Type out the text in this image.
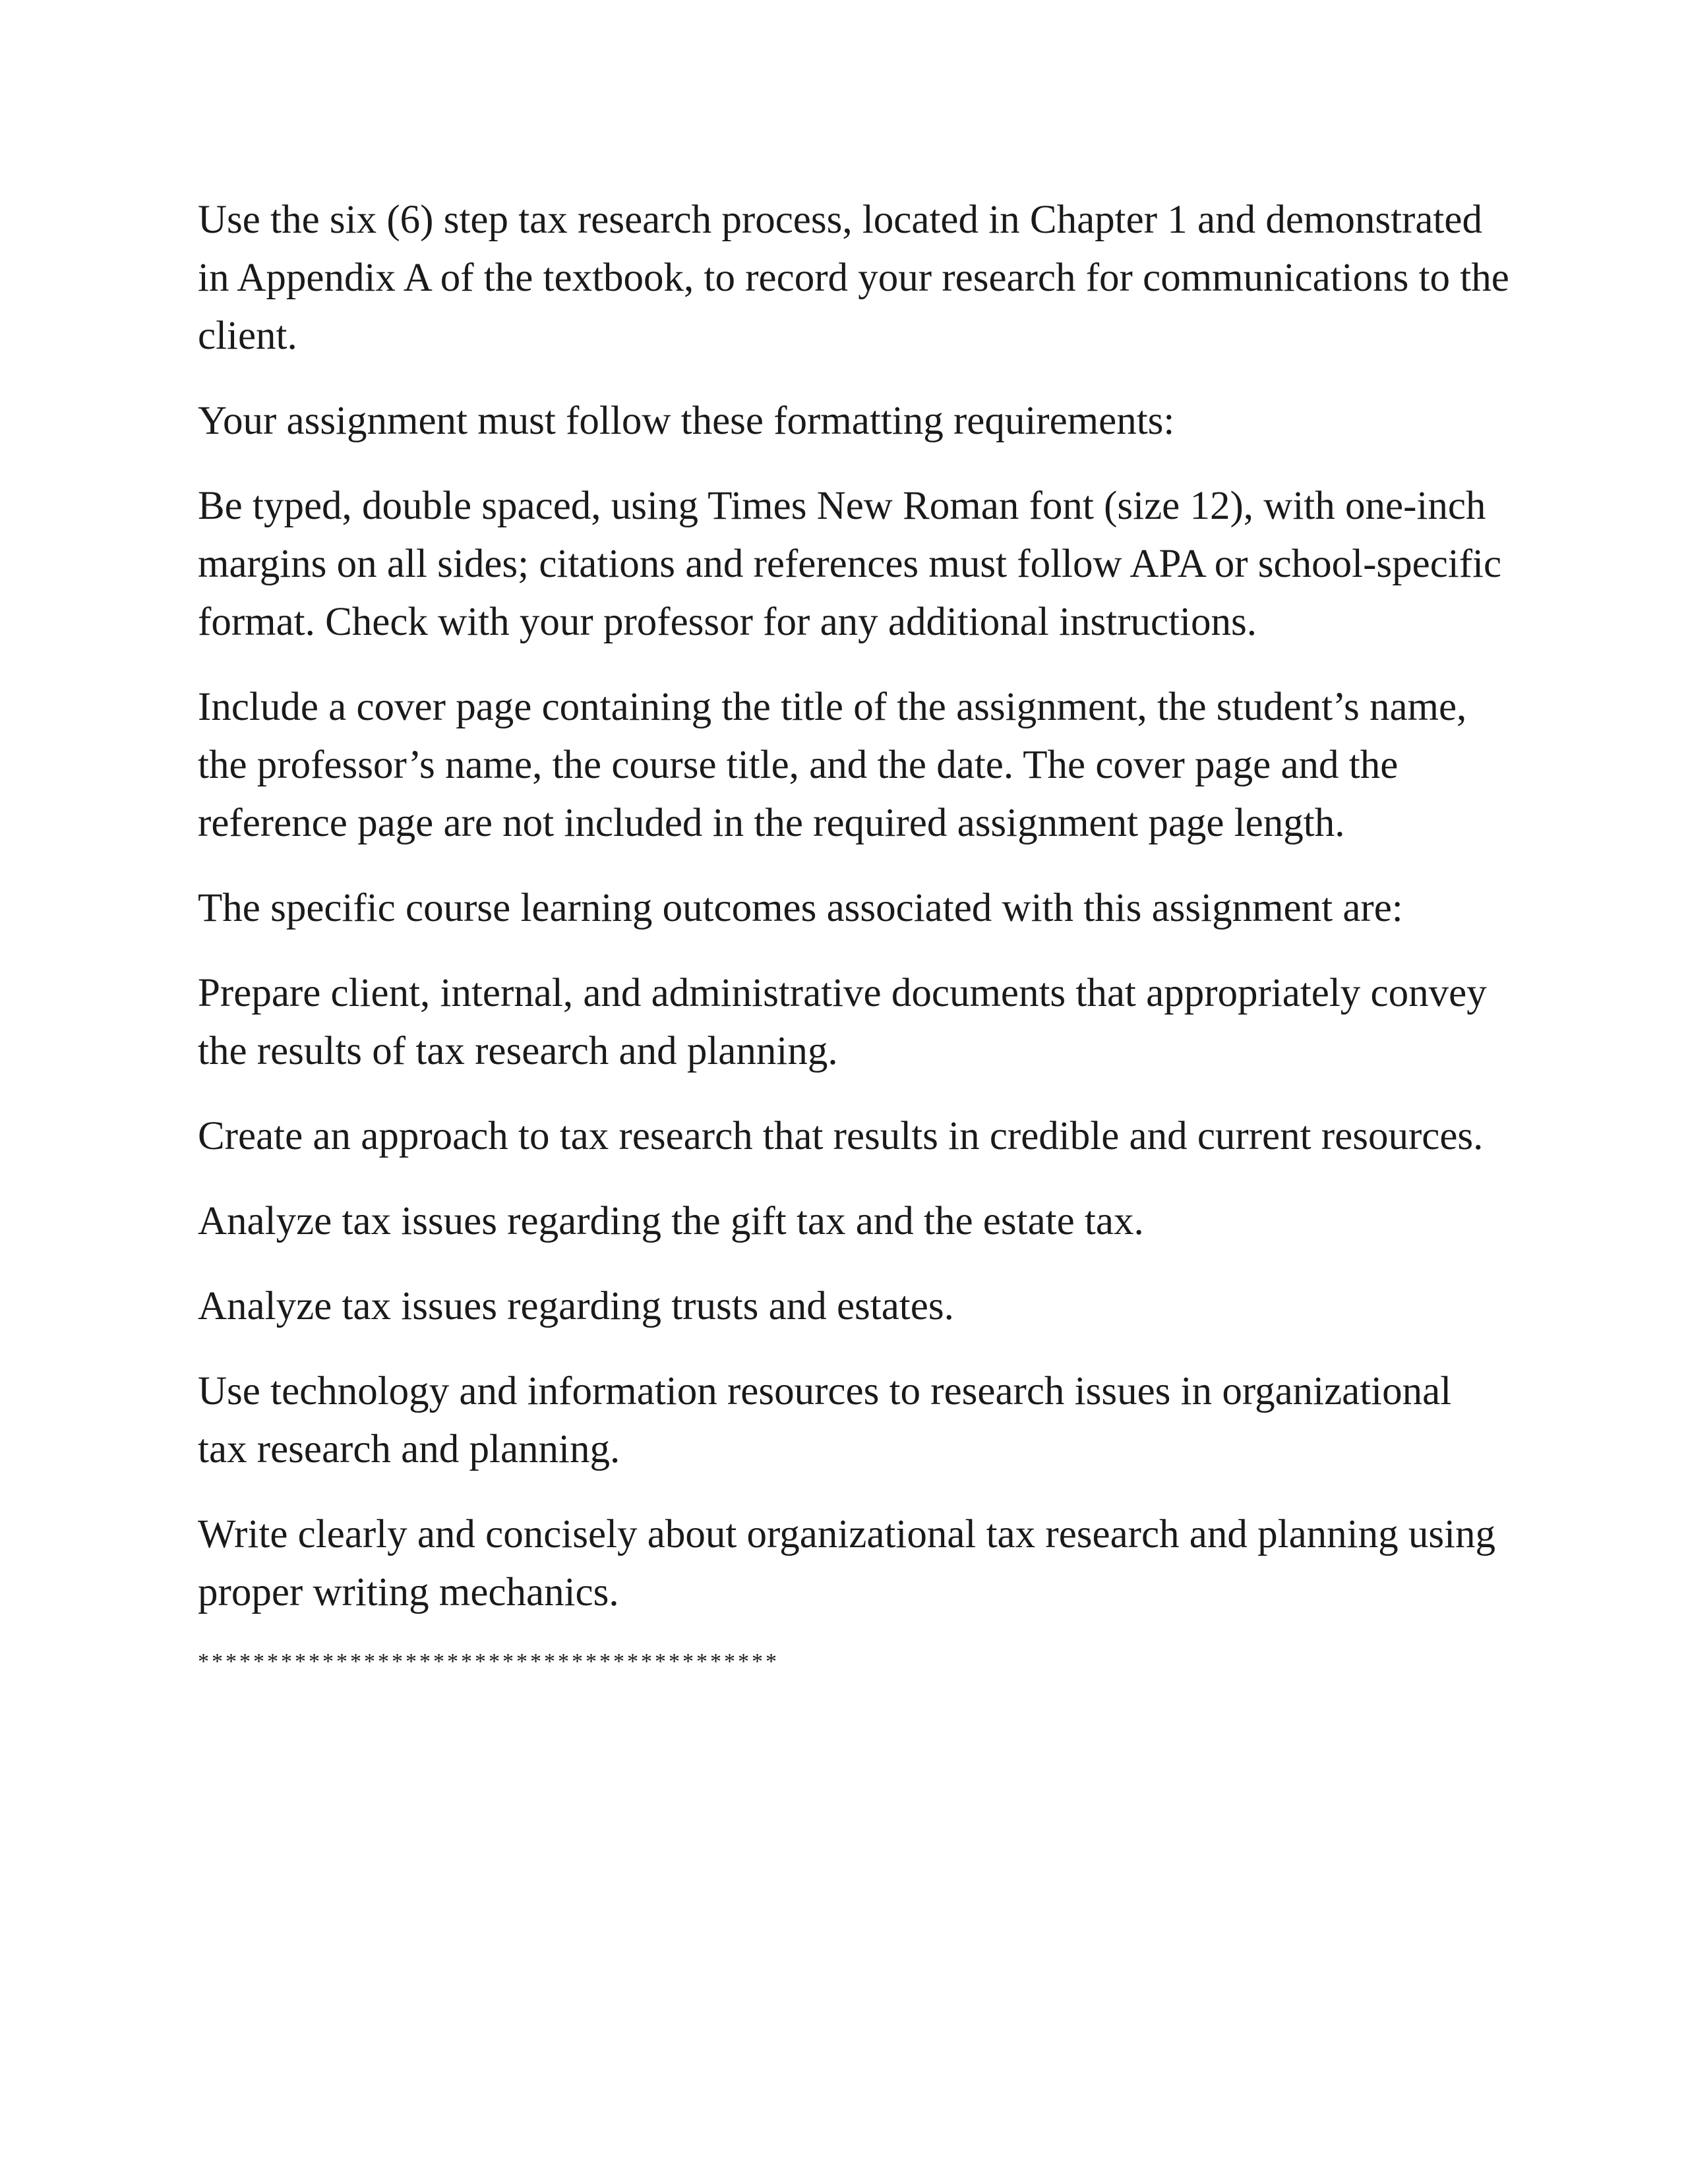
Use the six (6) step tax research process, located in Chapter 1 and demonstrated in Appendix A of the textbook, to record your research for communications to the client.

Your assignment must follow these formatting requirements:

Be typed, double spaced, using Times New Roman font (size 12), with one-inch margins on all sides; citations and references must follow APA or school-specific format. Check with your professor for any additional instructions.

Include a cover page containing the title of the assignment, the student’s name, the professor’s name, the course title, and the date. The cover page and the reference page are not included in the required assignment page length.

The specific course learning outcomes associated with this assignment are:

Prepare client, internal, and administrative documents that appropriately convey the results of tax research and planning.

Create an approach to tax research that results in credible and current resources.

Analyze tax issues regarding the gift tax and the estate tax.

Analyze tax issues regarding trusts and estates.

Use technology and information resources to research issues in organizational tax research and planning.

Write clearly and concisely about organizational tax research and planning using proper writing mechanics.

******************************************
